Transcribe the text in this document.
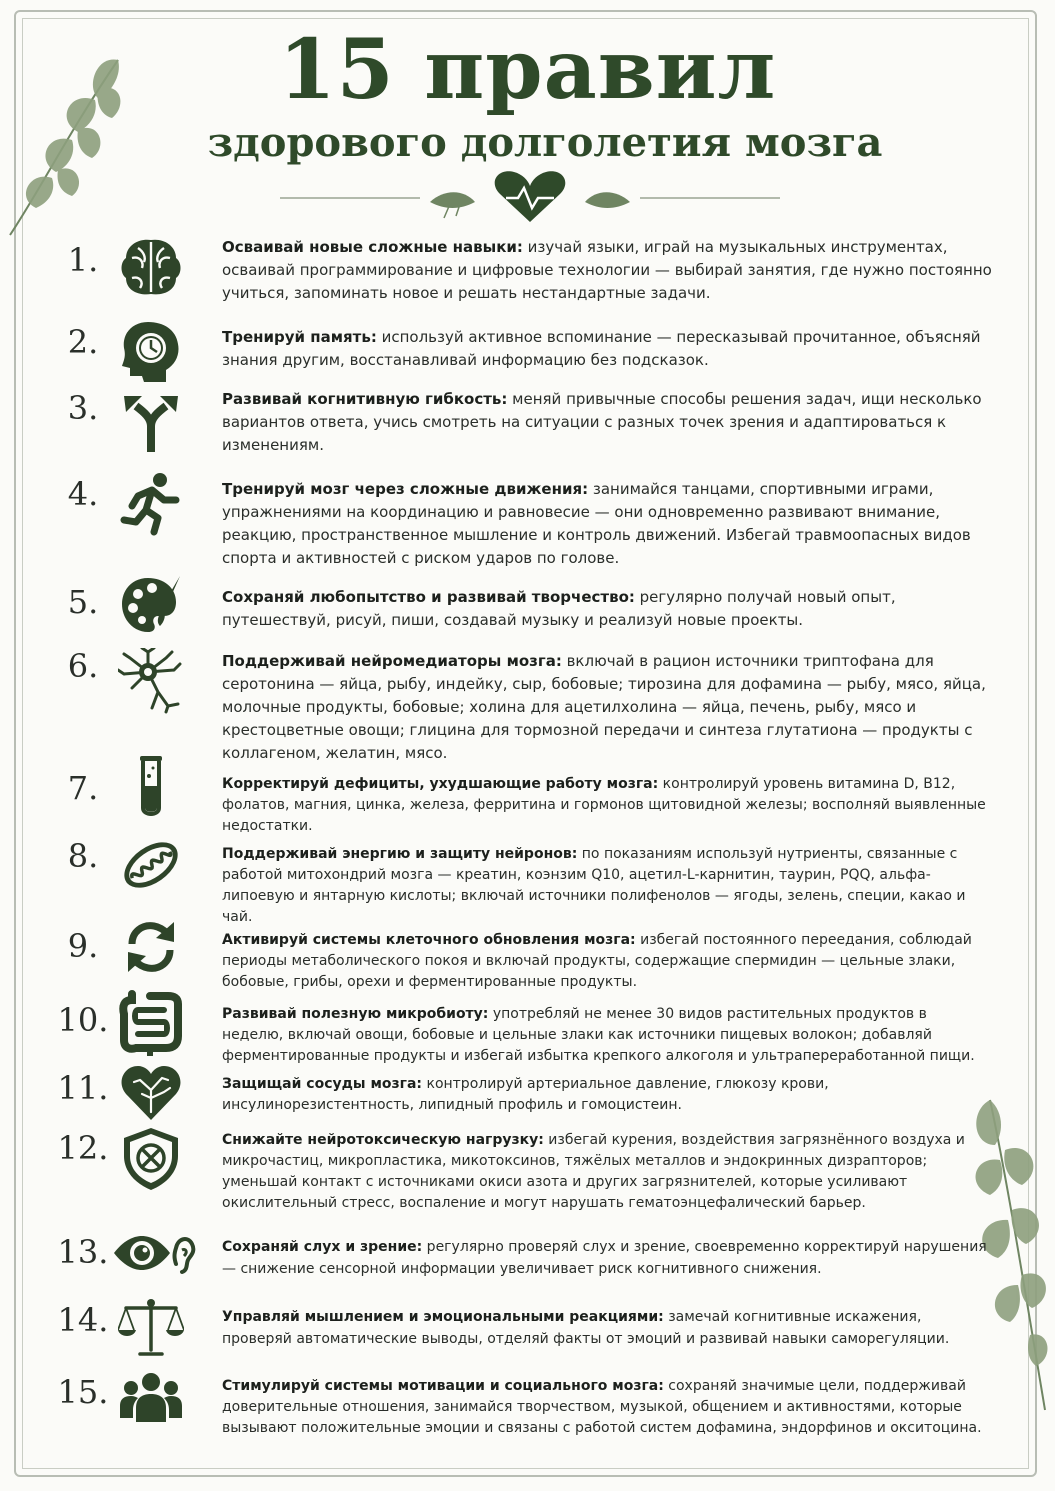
15 правил
здорового долголетия мозга
1.	Осваивай новые сложные навыки: изучай языки, играй на музыкальных инструментах, осваивай программирование и цифровые технологии — выбирай занятия, где нужно постоянно учиться, запоминать новое и решать нестандартные задачи.
2.	Тренируй память: используй активное вспоминание — пересказывай прочитанное, объясняй знания другим, восстанавливай информацию без подсказок.
3.	Развивай когнитивную гибкость: меняй привычные способы решения задач, ищи несколько вариантов ответа, учись смотреть на ситуации с разных точек зрения и адаптироваться к изменениям.
4.	Тренируй мозг через сложные движения: занимайся танцами, спортивными играми, упражнениями на координацию и равновесие — они одновременно развивают внимание, реакцию, пространственное мышление и контроль движений. Избегай травмоопасных видов спорта и активностей с риском ударов по голове.
5.	Сохраняй любопытство и развивай творчество: регулярно получай новый опыт, путешествуй, рисуй, пиши, создавай музыку и реализуй новые проекты.
6.	Поддерживай нейромедиаторы мозга: включай в рацион источники триптофана для серотонина — яйца, рыбу, индейку, сыр, бобовые; тирозина для дофамина — рыбу, мясо, яйца, молочные продукты, бобовые; холина для ацетилхолина — яйца, печень, рыбу, мясо и крестоцветные овощи; глицина для тормозной передачи и синтеза глутатиона — продукты с коллагеном, желатин, мясо.
7.	Корректируй дефициты, ухудшающие работу мозга: контролируй уровень витамина D, B12, фолатов, магния, цинка, железа, ферритина и гормонов щитовидной железы; восполняй выявленные недостатки.
8.	Поддерживай энергию и защиту нейронов: по показаниям используй нутриенты, связанные с работой митохондрий мозга — креатин, коэнзим Q10, ацетил-L-карнитин, таурин, PQQ, альфа-липоевую и янтарную кислоты; включай источники полифенолов — ягоды, зелень, специи, какао и чай.
9.	Активируй системы клеточного обновления мозга: избегай постоянного переедания, соблюдай периоды метаболического покоя и включай продукты, содержащие спермидин — цельные злаки, бобовые, грибы, орехи и ферментированные продукты.
10.	Развивай полезную микробиоту: употребляй не менее 30 видов растительных продуктов в неделю, включай овощи, бобовые и цельные злаки как источники пищевых волокон; добавляй ферментированные продукты и избегай избытка крепкого алкоголя и ультрапереработанной пищи.
11.	Защищай сосуды мозга: контролируй артериальное давление, глюкозу крови, инсулинорезистентность, липидный профиль и гомоцистеин.
12.	Снижайте нейротоксическую нагрузку: избегай курения, воздействия загрязнённого воздуха и микрочастиц, микропластика, микотоксинов, тяжёлых металлов и эндокринных дизрапторов; уменьшай контакт с источниками окиси азота и других загрязнителей, которые усиливают окислительный стресс, воспаление и могут нарушать гематоэнцефалический барьер.
13.	Сохраняй слух и зрение: регулярно проверяй слух и зрение, своевременно корректируй нарушения — снижение сенсорной информации увеличивает риск когнитивного снижения.
14.	Управляй мышлением и эмоциональными реакциями: замечай когнитивные искажения, проверяй автоматические выводы, отделяй факты от эмоций и развивай навыки саморегуляции.
15.	Стимулируй системы мотивации и социального мозга: сохраняй значимые цели, поддерживай доверительные отношения, занимайся творчеством, музыкой, общением и активностями, которые вызывают положительные эмоции и связаны с работой систем дофамина, эндорфинов и окситоцина.
